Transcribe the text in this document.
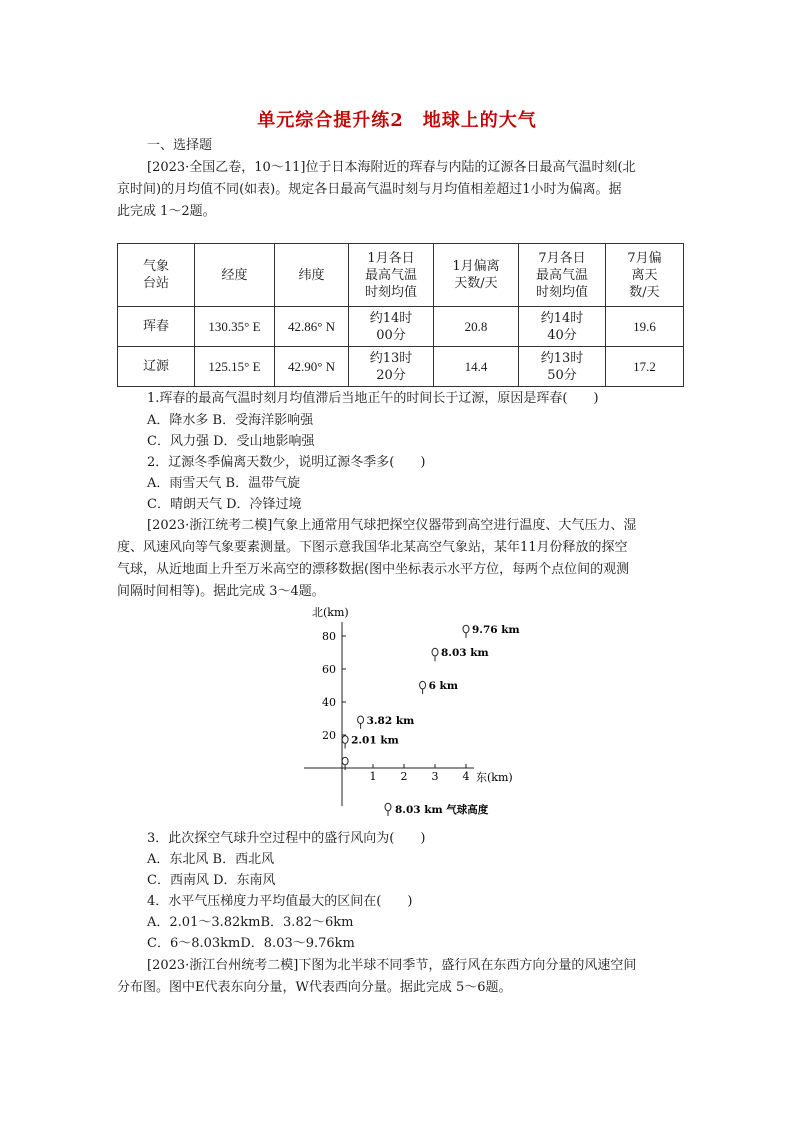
单元综合提升练2　地球上的大气
一、选择题
[2023·全国乙卷，10～11]位于日本海附近的珲春与内陆的辽源各日最高气温时刻(北
京时间)的月均值不同(如表)。规定各日最高气温时刻与月均值相差超过1小时为偏离。据
此完成 1～2题。
气象台站	经度	纬度	1月各日最高气温时刻均值	1月偏离天数/天	7月各日最高气温时刻均值	7月偏离天数/天

珲春	130.35° E	42.86° N	约14时00分	20.8	约14时40分	19.6
辽源	125.15° E	42.90° N	约13时20分	14.4	约13时50分	17.2
1.珲春的最高气温时刻月均值滞后当地正午的时间长于辽源，原因是珲春(　　)
A．降水多 B．受海洋影响强
C．风力强 D．受山地影响强
2．辽源冬季偏离天数少，说明辽源冬季多(　　)
A．雨雪天气 B．温带气旋
C．晴朗天气 D．冷锋过境
[2023·浙江统考二模]气象上通常用气球把探空仪器带到高空进行温度、大气压力、湿
度、风速风向等气象要素测量。下图示意我国华北某高空气象站，某年11月份释放的探空
气球，从近地面上升至万米高空的漂移数据(图中坐标表示水平方位，每两个点位间的观测
间隔时间相等)。据此完成 3～4题。
1 2 3 4
20
40
60
80
2.01 km
3.82 km
6 km
8.03 km
9.76 km
北(km)
东(km)
8.03 km 气球高度
3．此次探空气球升空过程中的盛行风向为(　　)
A．东北风 B．西北风
C．西南风 D．东南风
4．水平气压梯度力平均值最大的区间在(　　)
A．2.01～3.82kmB．3.82～6km
C．6～8.03kmD．8.03～9.76km
[2023·浙江台州统考二模]下图为北半球不同季节，盛行风在东西方向分量的风速空间
分布图。图中E代表东向分量，W代表西向分量。据此完成 5～6题。
